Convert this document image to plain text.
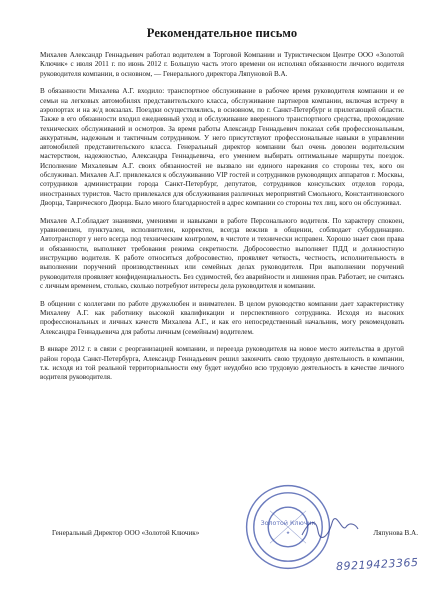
Рекомендательное письмо

Михалев Александр Геннадьевич работал водителем в Торговой Компании и Туристическом Центре ООО «Золотой Ключик» с июля 2011 г. по июнь 2012 г. Большую часть этого времени он исполнял обязанности личного водителя руководителя компании, в основном, — Генерального директора Ляпуновой В.А.

В обязанности Михалева А.Г. входило: транспортное обслуживание в рабочее время руководителя компании и ее семьи на легковых автомобилях представительского класса, обслуживание партнеров компании, включая встречу в аэропортах и на ж/д вокзалах. Поездки осуществлялись, в основном, по г. Санкт-Петербург и прилегающей области. Также в его обязанности входил ежедневный уход и обслуживание вверенного транспортного средства, прохождение технических обслуживаний и осмотров. За время работы Александр Геннадьевич показал себя профессиональным, аккуратным, надежным и тактичным сотрудником. У него присутствуют профессиональные навыки в управлении автомобилей представительского класса. Генеральный директор компании был очень доволен водительским мастерством, надежностью, Александра Геннадьевича, его умением выбирать оптимальные маршруты поездок. Исполнение Михалевым А.Г. своих обязанностей не вызвало ни единого нарекания со стороны тех, кого он обслуживал. Михалев А.Г. привлекался к обслуживанию VIP гостей и сотрудников руководящих аппаратов г. Москвы, сотрудников администрации города Санкт-Петербург, депутатов, сотрудников консульских отделов города, иностранных туристов. Часто привлекался для обслуживания различных мероприятий Смольного, Константиновского Дворца, Таврического Дворца. Было много благодарностей в адрес компании со стороны тех лиц, кого он обслуживал.

Михалев А.Г.обладает знаниями, умениями и навыками в работе Персонального водителя. По характеру спокоен, уравновешен, пунктуален, исполнителен, корректен, всегда вежлив в общении, соблюдает субординацию. Автотранспорт у него всегда под техническим контролем, в чистоте и технически исправен. Хорошо знает свои права и обязанности, выполняет требования режима секретности. Добросовестно выполняет ПДД и должностную инструкцию водителя. К работе относиться добросовестно, проявляет четкость, честность, исполнительность в выполнении поручений производственных или семейных делах руководителя. При выполнении поручений руководителя проявляет конфиденциальность. Без судимостей, без аварийности и лишения прав. Работает, не считаясь с личным временем, столько, сколько потребуют интересы дела руководителя и компании.

В общении с коллегами по работе дружелюбен и внимателен. В целом руководство компании дает характеристику Михалеву А.Г. как работнику высокой квалификации и перспективного сотрудника. Исходя из высоких профессиональных и личных качеств Михалева А.Г., и как его непосредственный начальник, могу рекомендовать Александра Геннадьевича для работы личным (семейным) водителем.

В январе 2012 г. в связи с реорганизацией компании, и переезда руководителя на новое место жительства в другой район города Санкт-Петербурга, Александр Геннадьевич решил закончить свою трудовую деятельность в компании, т.к. исходя из той реальной территориальности ему будет неудобно всю трудовую деятельность в качестве личного водителя руководителя.

Золотой Ключик
★
Генеральный Директор ООО «Золотой Ключик»	Ляпунова В.А.
89219423365
